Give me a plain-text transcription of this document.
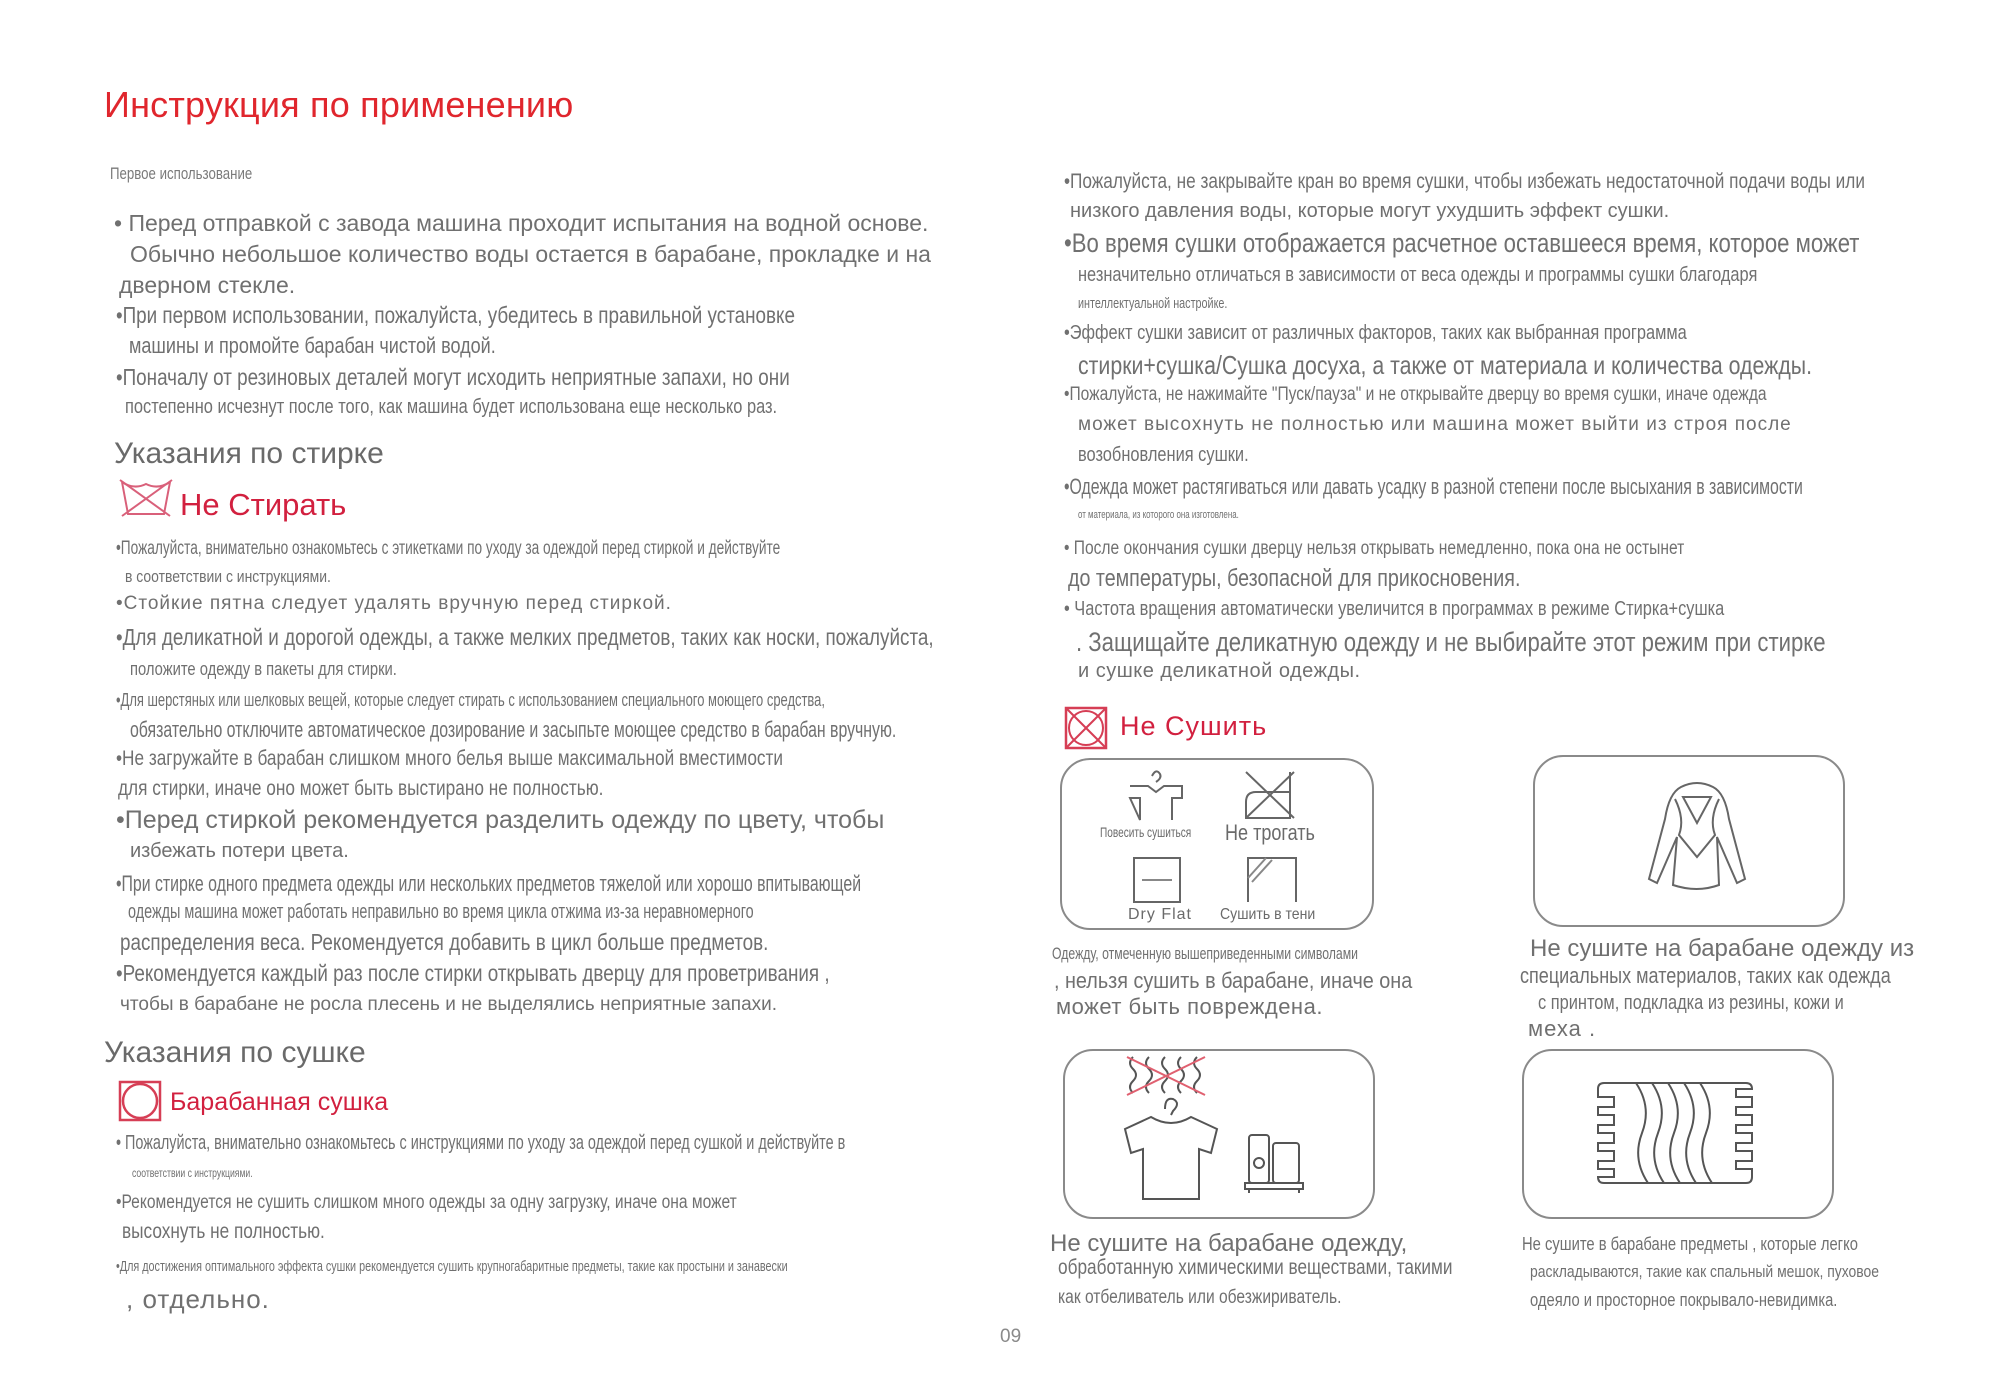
Инструкция по применению
Первое использование
• Перед отправкой с завода машина проходит испытания на водной основе.
Обычно небольшое количество воды остается в барабане, прокладке и на
дверном стекле.
•При первом использовании, пожалуйста, убедитесь в правильной установке
машины и промойте барабан чистой водой.
•Поначалу от резиновых деталей могут исходить неприятные запахи, но они
постепенно исчезнут после того, как машина будет использована еще несколько раз.
Указания по стирке
Не Стирать
•Пожалуйста, внимательно ознакомьтесь с этикетками по уходу за одеждой перед стиркой и действуйте
в соответствии с инструкциями.
•Стойкие пятна следует удалять вручную перед стиркой.
•Для деликатной и дорогой одежды, а также мелких предметов, таких как носки, пожалуйста,
положите одежду в пакеты для стирки.
•Для шерстяных или шелковых вещей, которые следует стирать с использованием специального моющего средства,
обязательно отключите автоматическое дозирование и засыпьте моющее средство в барабан вручную.
•Не загружайте в барабан слишком много белья выше максимальной вместимости
для стирки, иначе оно может быть выстирано не полностью.
•Перед стиркой рекомендуется разделить одежду по цвету, чтобы
избежать потери цвета.
•При стирке одного предмета одежды или нескольких предметов тяжелой или хорошо впитывающей
одежды машина может работать неправильно во время цикла отжима из-за неравномерного
распределения веса. Рекомендуется добавить в цикл больше предметов.
•Рекомендуется каждый раз после стирки открывать дверцу для проветривания ,
чтобы в барабане не росла плесень и не выделялись неприятные запахи.
Указания по сушке
Барабанная сушка
• Пожалуйста, внимательно ознакомьтесь с инструкциями по уходу за одеждой перед сушкой и действуйте в
соответствии с инструкциями.
•Рекомендуется не сушить слишком много одежды за одну загрузку, иначе она может
высохнуть не полностью.
•Для достижения оптимального эффекта сушки рекомендуется сушить крупногабаритные предметы, такие как простыни и занавески
, отдельно.
•Пожалуйста, не закрывайте кран во время сушки, чтобы избежать недостаточной подачи воды или
низкого давления воды, которые могут ухудшить эффект сушки.
•Во время сушки отображается расчетное оставшееся время, которое может
незначительно отличаться в зависимости от веса одежды и программы сушки благодаря
интеллектуальной настройке.
•Эффект сушки зависит от различных факторов, таких как выбранная программа
стирки+сушка/Сушка досуха, а также от материала и количества одежды.
•Пожалуйста, не нажимайте "Пуск/пауза" и не открывайте дверцу во время сушки, иначе одежда
может высохнуть не полностью или машина может выйти из строя после
возобновления сушки.
•Одежда может растягиваться или давать усадку в разной степени после высыхания в зависимости
от материала, из которого она изготовлена.
• После окончания сушки дверцу нельзя открывать немедленно, пока она не остынет
до температуры, безопасной для прикосновения.
• Частота вращения автоматически увеличится в программах в режиме Стирка+сушка
. Защищайте деликатную одежду и не выбирайте этот режим при стирке
и сушке деликатной одежды.
Не Сушить
Повесить сушиться Не трогать
Dry Flat Сушить в тени
Одежду, отмеченную вышеприведенными символами
, нельзя сушить в барабане, иначе она
может быть повреждена.
Не сушите на барабане одежду из
специальных материалов, таких как одежда
с принтом, подкладка из резины, кожи и
меха .
Не сушите на барабане одежду,
обработанную химическими веществами, такими
как отбеливатель или обезжириватель.
Не сушите в барабане предметы , которые легко
раскладываются, такие как спальный мешок, пуховое
одеяло и просторное покрывало-невидимка.
09
